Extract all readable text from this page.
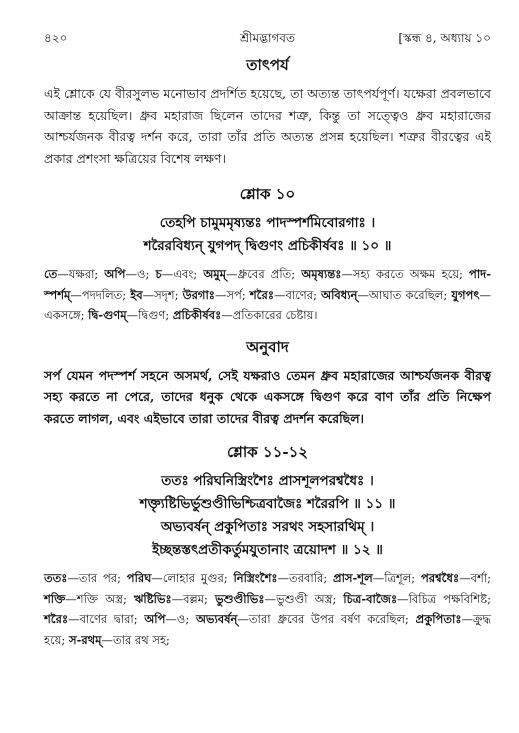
৪২০	শ্রীমদ্ভাগবত	[স্কন্ধ ৪, অধ্যায় ১০
তাৎপর্য

এই শ্লোকে যে বীরসুলভ মনোভাব প্রদর্শিত হয়েছে, তা অত্যন্ত তাৎপর্যপূর্ণ। যক্ষেরা প্রবলভাবে আক্রান্ত হয়েছিল। ধ্রুব মহারাজ ছিলেন তাদের শত্রু, কিন্তু তা সত্ত্বেও ধ্রুব মহারাজের আশ্চর্যজনক বীরত্ব দর্শন করে, তারা তাঁর প্রতি অত্যন্ত প্রসন্ন হয়েছিল। শত্রুর বীরত্বের এই প্রকার প্রশংসা ক্ষত্রিয়ের বিশেষ লক্ষণ।

শ্লোক ১০

তেহপি চামুমমৃষ্যন্তঃ পাদস্পর্শমিবোরগাঃ ।

শরৈরবিধ্যন্ যুগপদ্ দ্বিগুণং প্রচিকীর্ষবঃ ॥ ১০ ॥

তে—যক্ষরা; অপি—ও; চ—এবং; অমুম্—ধ্রুবের প্রতি; অমৃষ্যন্তঃ—সহ্য করতে অক্ষম হয়ে; পাদ-স্পর্শম্—পদদলিত; ইব—সদৃশ; উরগাঃ—সর্প; শরৈঃ—বাণের; অবিধ্যন্—আঘাত করেছিল; যুগপৎ—একসঙ্গে; দ্বি-গুণম্—দ্বিগুণ; প্রচিকীর্ষবঃ—প্রতিকারের চেষ্টায়।

অনুবাদ

সর্প যেমন পদস্পর্শ সহনে অসমর্থ, সেই যক্ষরাও তেমন ধ্রুব মহারাজের আশ্চর্যজনক বীরত্ব সহ্য করতে না পেরে, তাদের ধনুক থেকে একসঙ্গে দ্বিগুণ করে বাণ তাঁর প্রতি নিক্ষেপ করতে লাগল, এবং এইভাবে তারা তাদের বীরত্ব প্রদর্শন করেছিল।

শ্লোক ১১-১২

ততঃ পরিঘনিস্ত্রিংশৈঃ প্রাসশূলপরশ্বধৈঃ ।

শক্ত্যৃষ্টিভির্ভুশুণ্ডীভিশ্চিত্রবাজৈঃ শরৈরপি ॥ ১১ ॥

অভ্যবর্ষন্ প্রকুপিতাঃ সরথং সহসারথিম্ ।

ইচ্ছন্তস্তৎপ্রতীকর্তুমযুতানাং ত্রয়োদশ ॥ ১২ ॥

ততঃ—তার পর; পরিঘ—লোহার মুগুর; নিস্ত্রিংশৈঃ—তরবারি; প্রাস-শূল—ত্রিশূল; পরশ্বধৈঃ—বর্শা; শক্তি—শক্তি অস্ত্র; ঋষ্টিভিঃ—বল্লম; ভুশুণ্ডীভিঃ—ভুশুণ্ডী অস্ত্র; চিত্র-বাজৈঃ—বিচিত্র পক্ষবিশিষ্ট; শরৈঃ—বাণের দ্বারা; অপি—ও; অভ্যবর্ষন্—তারা ধ্রুবের উপর বর্ষণ করেছিল; প্রকুপিতাঃ—ক্রুদ্ধ হয়ে; স-রথম্—তার রথ সহ;
